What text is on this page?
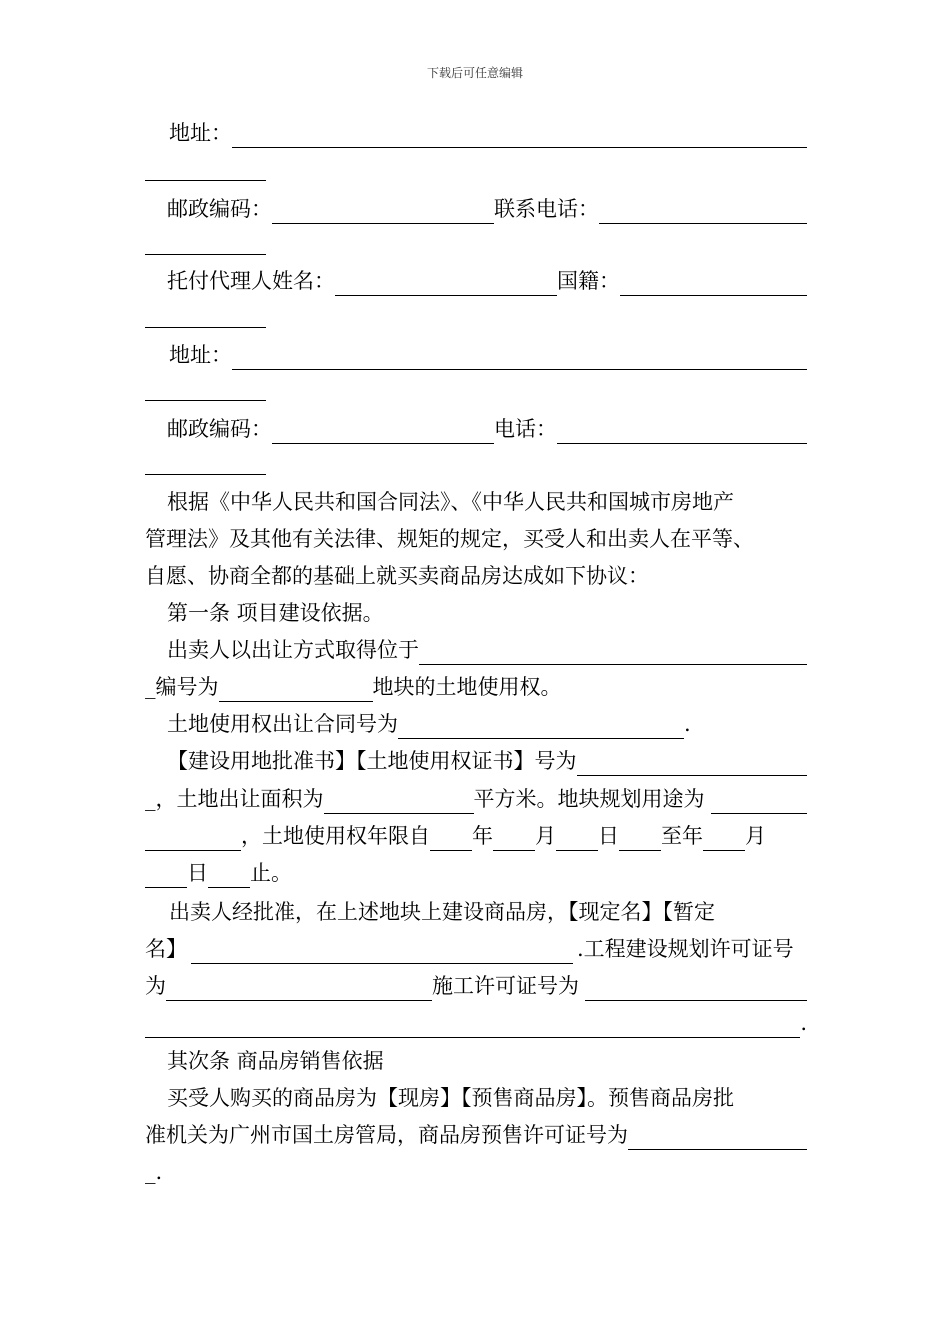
下载后可任意编辑
地址：
邮政编码：	联系电话：
托付代理人姓名：	国籍：
地址：
邮政编码：	电话：
根据《中华人民共和国合同法》、《中华人民共和国城市房地产
管理法》及其他有关法律、规矩的规定，买受人和出卖人在平等、
自愿、协商全都的基础上就买卖商品房达成如下协议：
第一条 项目建设依据。
出卖人以出让方式取得位于
_编号为	地块的土地使用权。
土地使用权出让合同号为	.
【建设用地批准书】【土地使用权证书】号为
_，土地出让面积为	平方米。地块规划用途为
，土地使用权年限自 年 月 日 至年 月
日 止。
出卖人经批准，在上述地块上建设商品房，【现定名】【暂定
名】	.工程建设规划许可证号
为	施工许可证号为
.
其次条 商品房销售依据
买受人购买的商品房为【现房】【预售商品房】。预售商品房批
准机关为广州市国土房管局，商品房预售许可证号为
_.
